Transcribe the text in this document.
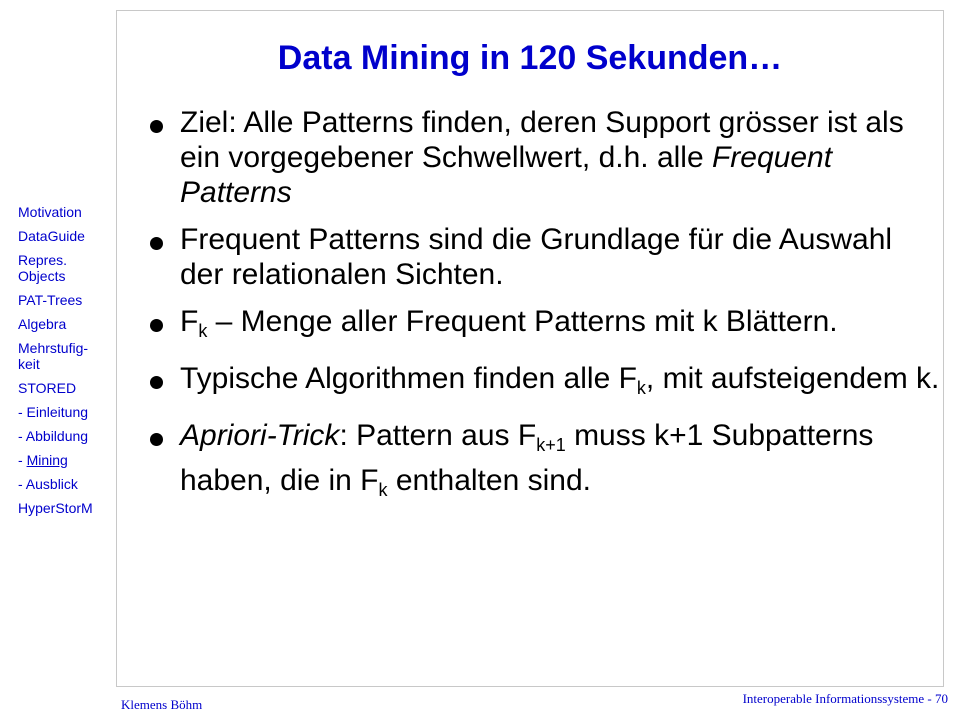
Data Mining in 120 Sekunden…
Motivation
DataGuide
Repres.
Objects
PAT-Trees
Algebra
Mehrstufig-
keit
STORED
- Einleitung
- Abbildung
- Mining
- Ausblick
HyperStorM
Ziel: Alle Patterns finden, deren Support grösser ist als ein vorgegebener Schwellwert, d.h. alle Frequent Patterns
Frequent Patterns sind die Grundlage für die Auswahl der relationalen Sichten.
$F_k$ – Menge aller Frequent Patterns mit k Blättern.
Typische Algorithmen finden alle $F_k$, mit aufsteigendem k.
Apriori-Trick: Pattern aus $F_{k+1}$ muss k+1 Subpatterns haben, die in $F_k$ enthalten sind.
Klemens Böhm	Interoperable Informationssysteme - 70
